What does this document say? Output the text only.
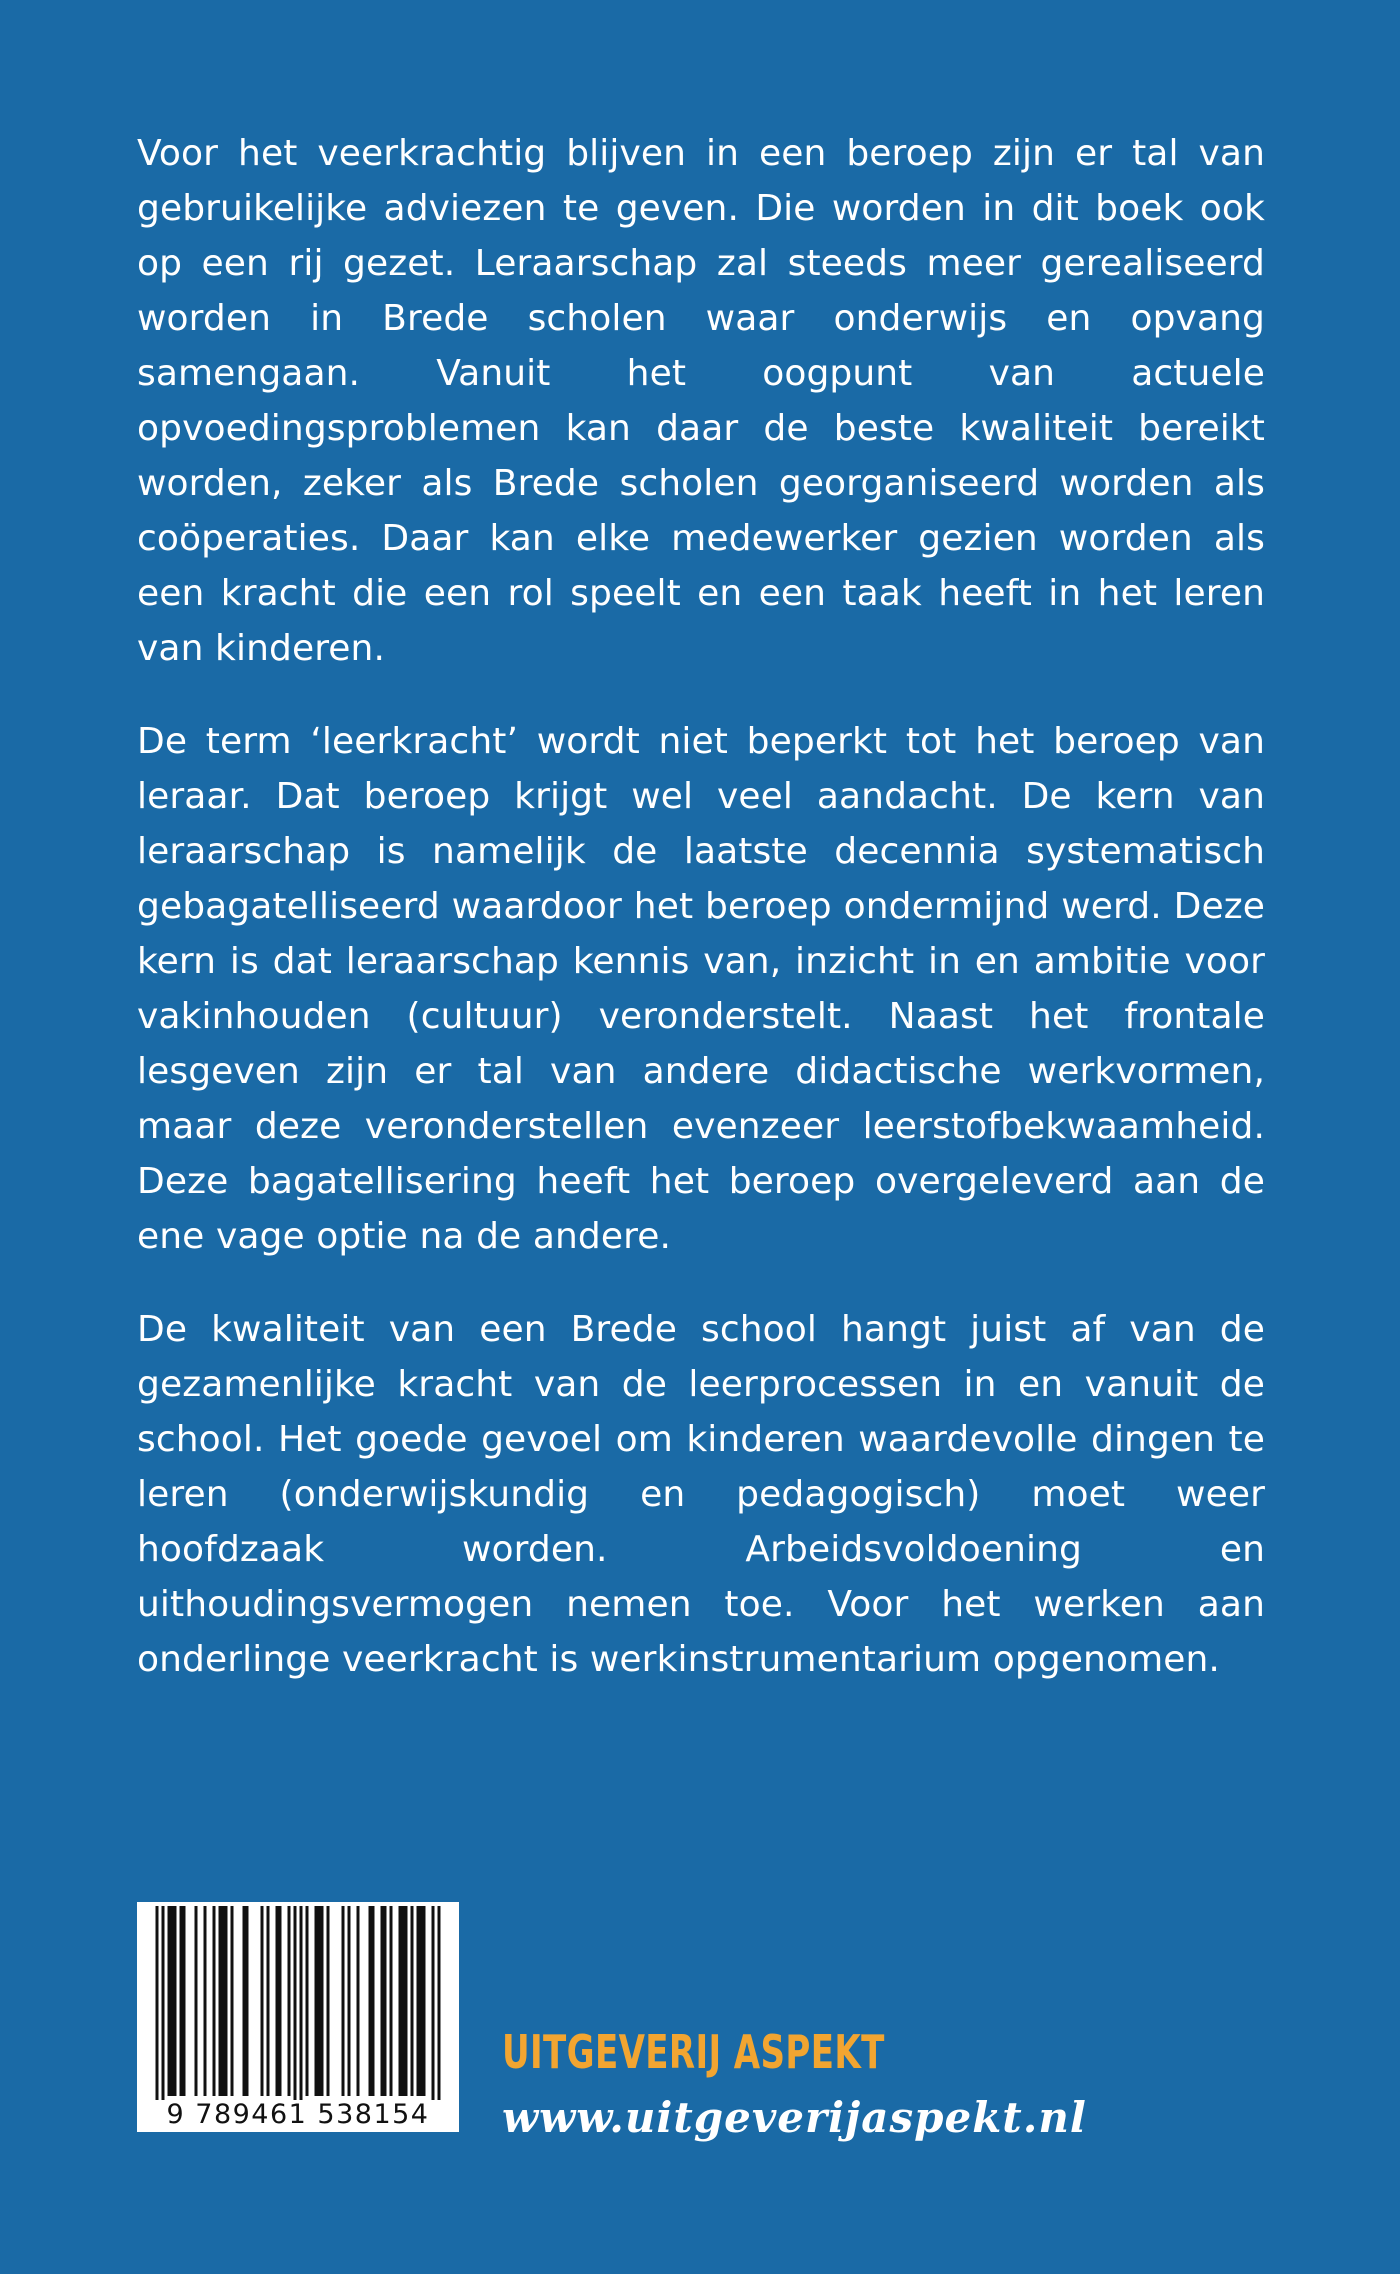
Voor het veerkrachtig blijven in een beroep zijn er tal van gebruikelijke adviezen te geven. Die worden in dit boek ook op een rij gezet. Leraarschap zal steeds meer gerealiseerd worden in Brede scholen waar onderwijs en opvang samengaan. Vanuit het oogpunt van actuele opvoedingsproblemen kan daar de beste kwaliteit bereikt worden, zeker als Brede scholen georganiseerd worden als coöperaties. Daar kan elke medewerker gezien worden als een kracht die een rol speelt en een taak heeft in het leren van kinderen.

De term ‘leerkracht’ wordt niet beperkt tot het beroep van leraar. Dat beroep krijgt wel veel aandacht. De kern van leraarschap is namelijk de laatste decennia systematisch gebagatelliseerd waardoor het beroep ondermijnd werd. Deze kern is dat leraarschap kennis van, inzicht in en ambitie voor vakinhouden (cultuur) veronderstelt. Naast het frontale lesgeven zijn er tal van andere didactische werkvormen, maar deze veronderstellen evenzeer leerstofbekwaamheid. Deze bagatellisering heeft het beroep overgeleverd aan de ene vage optie na de andere.

De kwaliteit van een Brede school hangt juist af van de gezamenlijke kracht van de leerprocessen in en vanuit de school. Het goede gevoel om kinderen waardevolle dingen te leren (onderwijskundig en pedagogisch) moet weer hoofdzaak worden. Arbeidsvoldoening en uithoudingsvermogen nemen toe. Voor het werken aan onderlinge veerkracht is werkinstrumentarium opgenomen.

9 789461 538154
UITGEVERIJ ASPEKT
www.uitgeverijaspekt.nl
